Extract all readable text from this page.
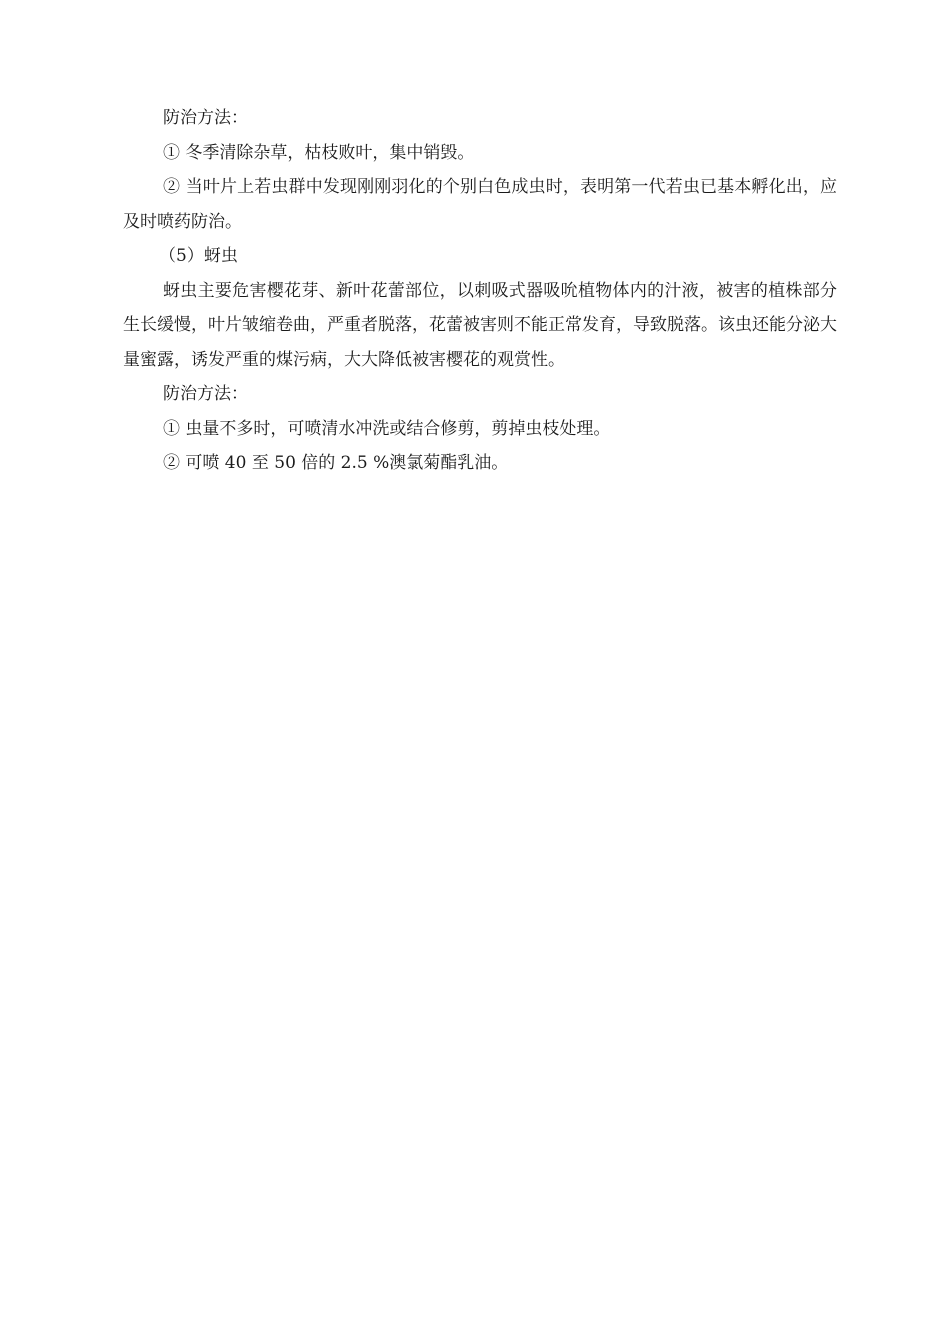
防治方法：

① 冬季清除杂草，枯枝败叶，集中销毁。

② 当叶片上若虫群中发现刚刚羽化的个别白色成虫时，表明第一代若虫已基本孵化出，应及时喷药防治。

（5）蚜虫

蚜虫主要危害樱花芽、新叶花蕾部位，以刺吸式器吸吮植物体内的汁液，被害的植株部分生长缓慢，叶片皱缩卷曲，严重者脱落，花蕾被害则不能正常发育，导致脱落。该虫还能分泌大量蜜露，诱发严重的煤污病，大大降低被害樱花的观赏性。

防治方法：

① 虫量不多时，可喷清水冲洗或结合修剪，剪掉虫枝处理。

② 可喷 40 至 50 倍的 2.5 %澳氯菊酯乳油。
